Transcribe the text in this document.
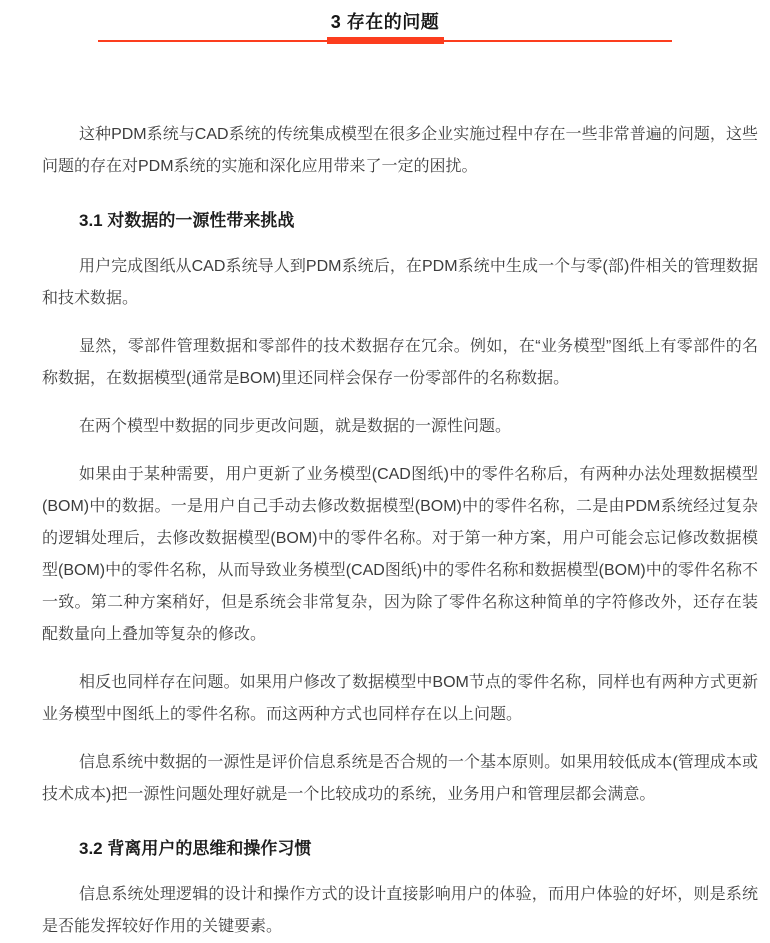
3 存在的问题

这种PDM系统与CAD系统的传统集成模型在很多企业实施过程中存在一些非常普遍的问题，这些问题的存在对PDM系统的实施和深化应用带来了一定的困扰。

3.1 对数据的一源性带来挑战

用户完成图纸从CAD系统导人到PDM系统后，在PDM系统中生成一个与零(部)件相关的管理数据和技术数据。

显然，零部件管理数据和零部件的技术数据存在冗余。例如，在“业务模型”图纸上有零部件的名称数据，在数据模型(通常是BOM)里还同样会保存一份零部件的名称数据。

在两个模型中数据的同步更改问题，就是数据的一源性问题。

如果由于某种需要，用户更新了业务模型(CAD图纸)中的零件名称后，有两种办法处理数据模型(BOM)中的数据。一是用户自己手动去修改数据模型(BOM)中的零件名称，二是由PDM系统经过复杂的逻辑处理后，去修改数据模型(BOM)中的零件名称。对于第一种方案，用户可能会忘记修改数据模型(BOM)中的零件名称，从而导致业务模型(CAD图纸)中的零件名称和数据模型(BOM)中的零件名称不一致。第二种方案稍好，但是系统会非常复杂，因为除了零件名称这种简单的字符修改外，还存在装配数量向上叠加等复杂的修改。

相反也同样存在问题。如果用户修改了数据模型中BOM节点的零件名称，同样也有两种方式更新业务模型中图纸上的零件名称。而这两种方式也同样存在以上问题。

信息系统中数据的一源性是评价信息系统是否合规的一个基本原则。如果用较低成本(管理成本或技术成本)把一源性问题处理好就是一个比较成功的系统，业务用户和管理层都会满意。

3.2 背离用户的思维和操作习惯

信息系统处理逻辑的设计和操作方式的设计直接影响用户的体验，而用户体验的好坏，则是系统是否能发挥较好作用的关键要素。
